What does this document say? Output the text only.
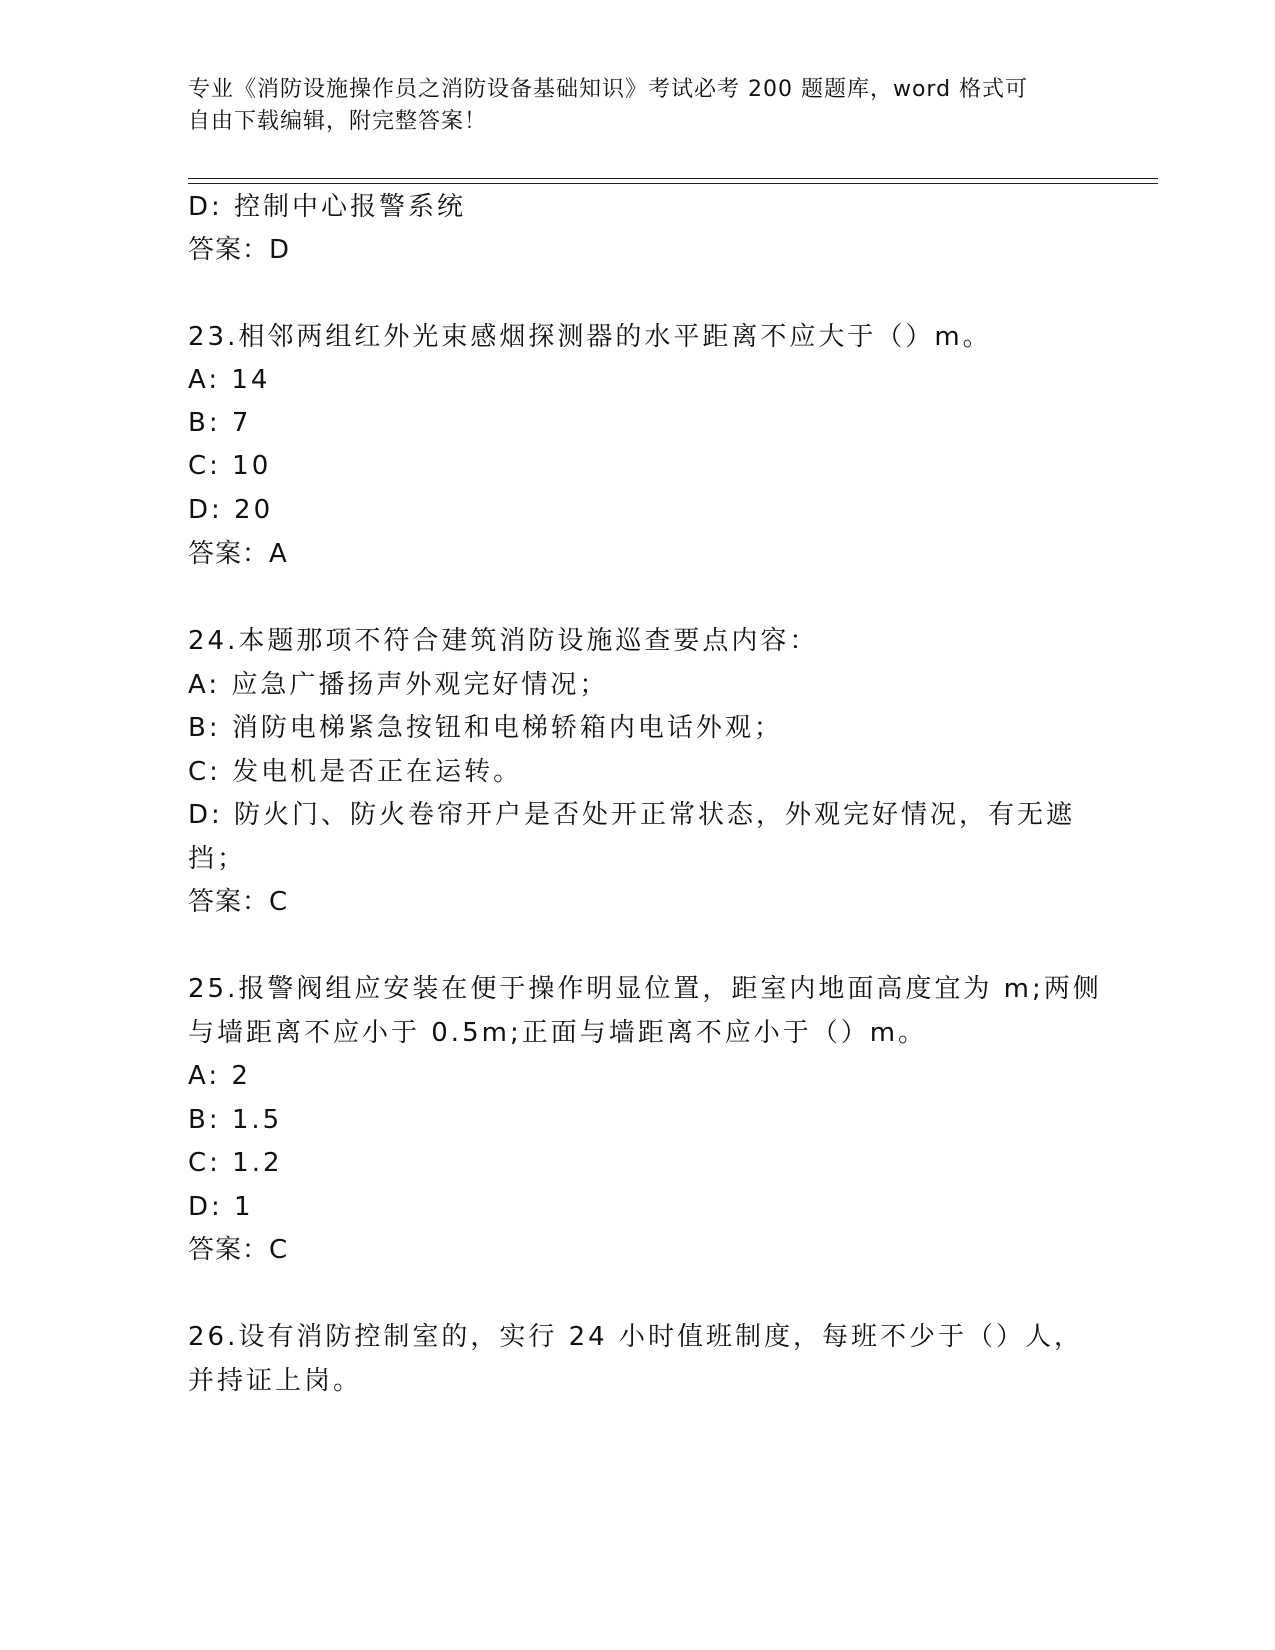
专业《消防设施操作员之消防设备基础知识》考试必考 200 题题库，word 格式可
自由下载编辑，附完整答案！
D: 控制中心报警系统
答案：D
23.相邻两组红外光束感烟探测器的水平距离不应大于（）m。
A: 14
B: 7
C: 10
D: 20
答案：A
24.本题那项不符合建筑消防设施巡查要点内容：
A: 应急广播扬声外观完好情况；
B: 消防电梯紧急按钮和电梯轿箱内电话外观；
C: 发电机是否正在运转。
D: 防火门、防火卷帘开户是否处开正常状态，外观完好情况，有无遮
挡；
答案：C
25.报警阀组应安装在便于操作明显位置，距室内地面高度宜为 m;两侧
与墙距离不应小于 0.5m;正面与墙距离不应小于（）m。
A: 2
B: 1.5
C: 1.2
D: 1
答案：C
26.设有消防控制室的，实行 24 小时值班制度，每班不少于（）人，
并持证上岗。
